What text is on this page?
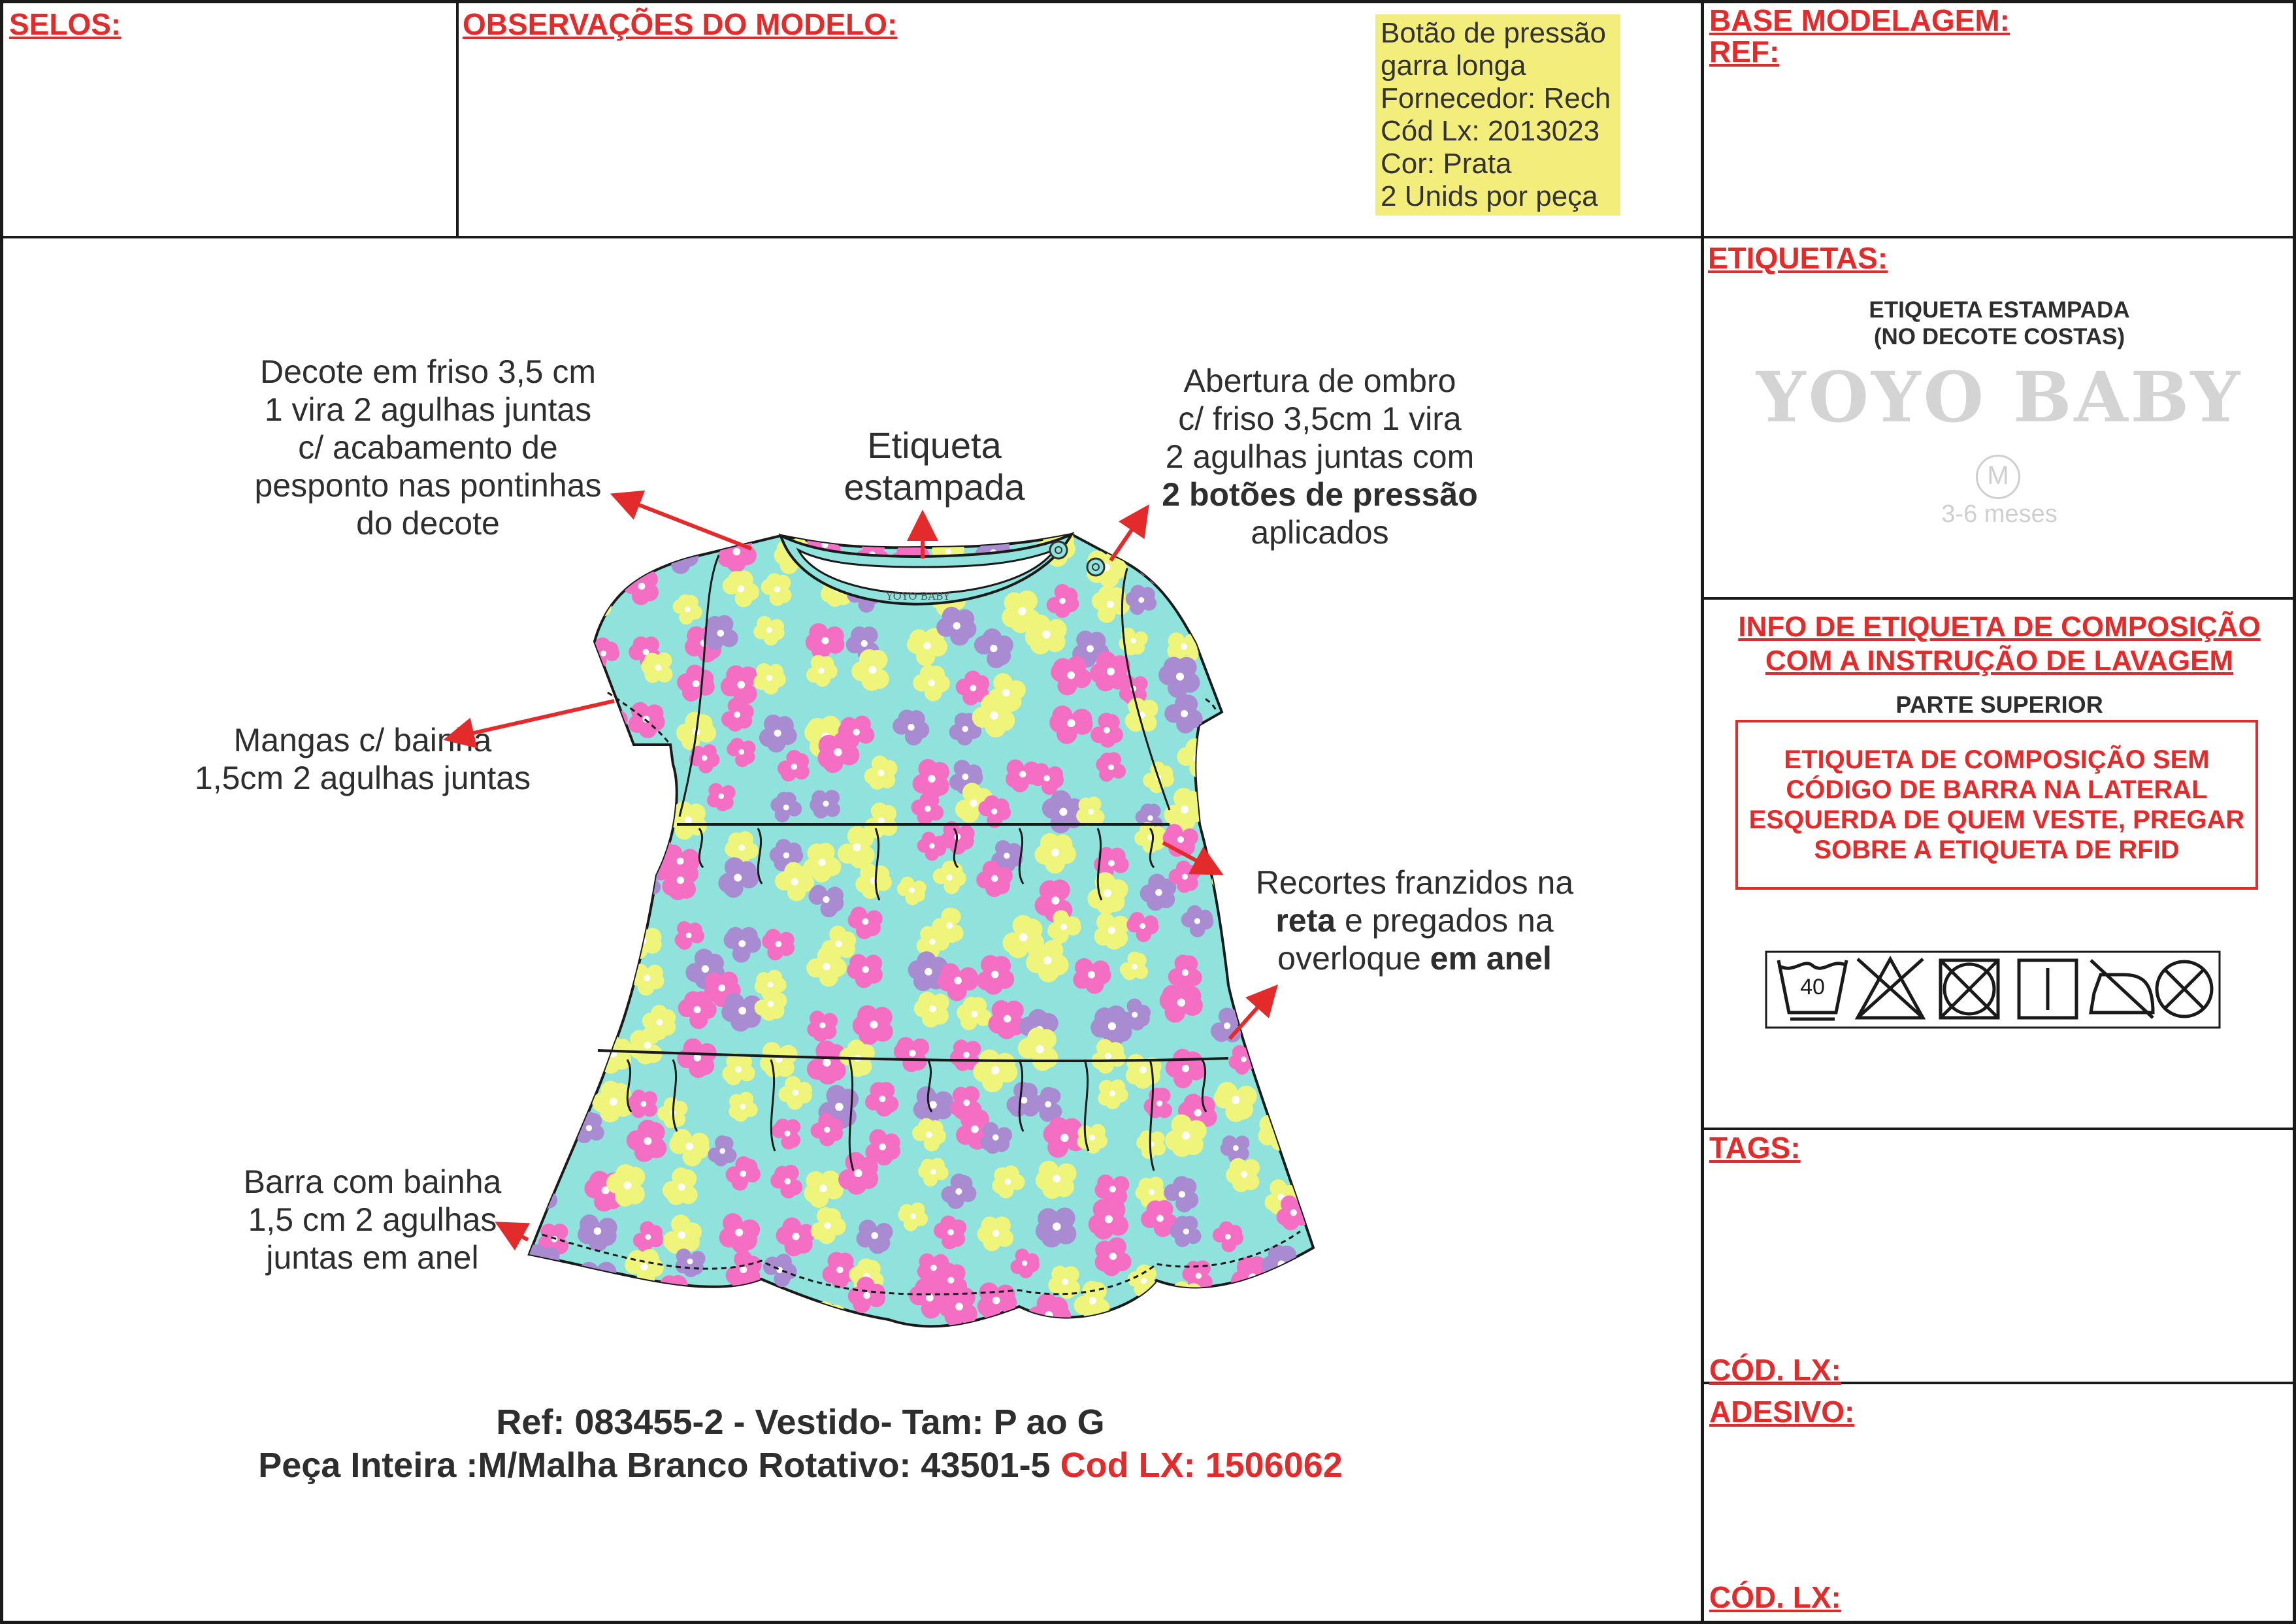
SELOS:	OBSERVAÇÕES DO MODELO:	BASE MODELAGEM:
REF:
Botão de pressão
garra longa
Fornecedor: Rech
Cód Lx: 2013023
Cor: Prata
2 Unids por peça
ETIQUETAS:
ETIQUETA ESTAMPADA
(NO DECOTE COSTAS)
YOYO BABY
M
3-6 meses
INFO DE ETIQUETA DE COMPOSIÇÃO
COM A INSTRUÇÃO DE LAVAGEM
PARTE SUPERIOR
ETIQUETA DE COMPOSIÇÃO SEM
CÓDIGO DE BARRA NA LATERAL
ESQUERDA DE QUEM VESTE, PREGAR
SOBRE A ETIQUETA DE RFID
TAGS:
CÓD. LX:
ADESIVO:
CÓD. LX:
Decote em friso 3,5 cm
1 vira 2 agulhas juntas
c/ acabamento de
pesponto nas pontinhas
do decote
Etiqueta
estampada
Abertura de ombro
c/ friso 3,5cm 1 vira
2 agulhas juntas com
2 botões de pressão
aplicados
Mangas c/ bainha
1,5cm 2 agulhas juntas
Recortes franzidos na
reta e pregados na
overloque em anel
Barra com bainha
1,5 cm 2 agulhas
juntas em anel
Ref: 083455-2 - Vestido- Tam: P ao G
Peça Inteira :M/Malha Branco Rotativo: 43501-5 Cod LX: 1506062
YOYO BABY
40
